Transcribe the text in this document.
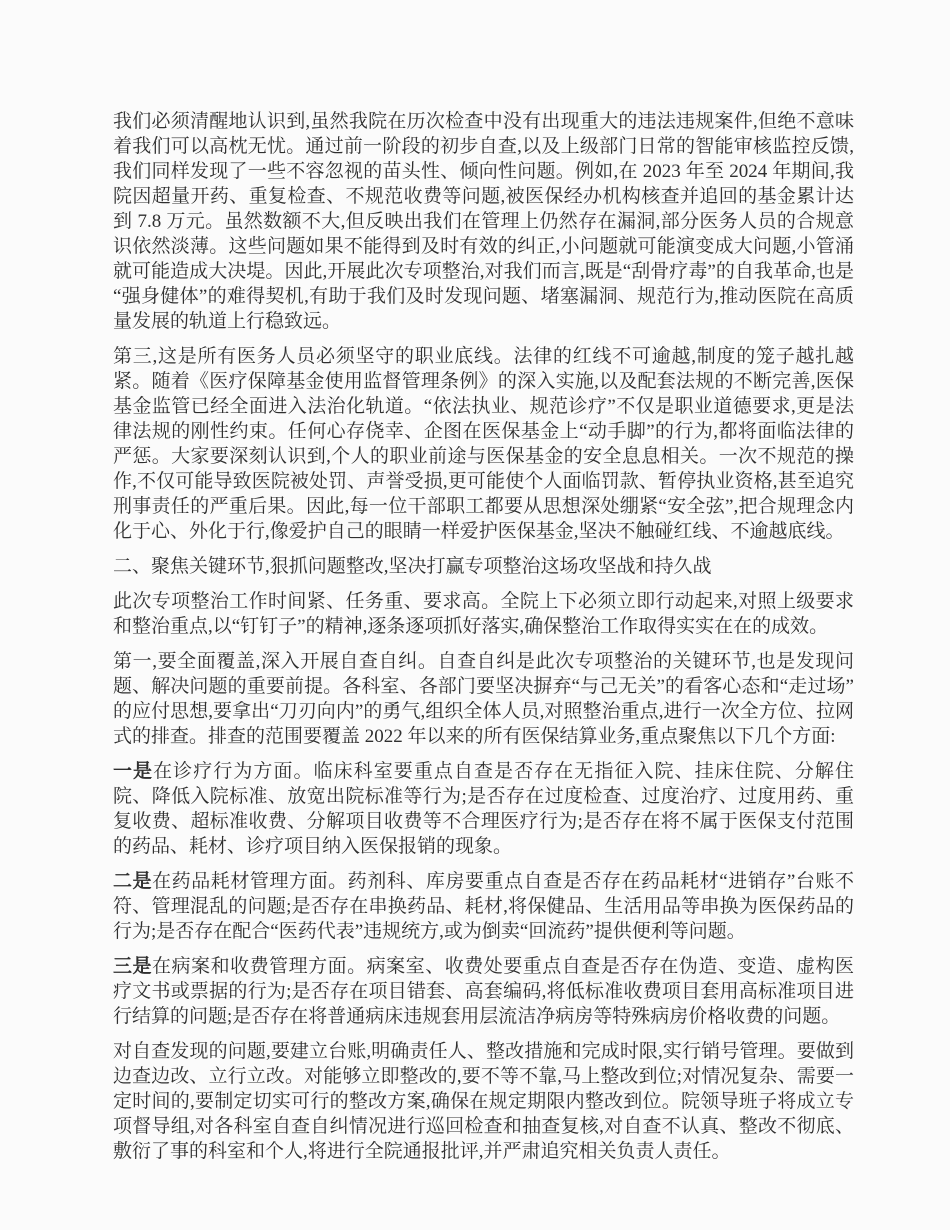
我们必须清醒地认识到,虽然我院在历次检查中没有出现重大的违法违规案件,但绝不意味着我们可以高枕无忧。通过前一阶段的初步自查,以及上级部门日常的智能审核监控反馈,我们同样发现了一些不容忽视的苗头性、倾向性问题。例如,在 2023 年至 2024 年期间,我院因超量开药、重复检查、不规范收费等问题,被医保经办机构核查并追回的基金累计达到 7.8 万元。虽然数额不大,但反映出我们在管理上仍然存在漏洞,部分医务人员的合规意识依然淡薄。这些问题如果不能得到及时有效的纠正,小问题就可能演变成大问题,小管涌就可能造成大决堤。因此,开展此次专项整治,对我们而言,既是“刮骨疗毒”的自我革命,也是“强身健体”的难得契机,有助于我们及时发现问题、堵塞漏洞、规范行为,推动医院在高质量发展的轨道上行稳致远。

第三,这是所有医务人员必须坚守的职业底线。法律的红线不可逾越,制度的笼子越扎越紧。随着《医疗保障基金使用监督管理条例》的深入实施,以及配套法规的不断完善,医保基金监管已经全面进入法治化轨道。“依法执业、规范诊疗”不仅是职业道德要求,更是法律法规的刚性约束。任何心存侥幸、企图在医保基金上“动手脚”的行为,都将面临法律的严惩。大家要深刻认识到,个人的职业前途与医保基金的安全息息相关。一次不规范的操作,不仅可能导致医院被处罚、声誉受损,更可能使个人面临罚款、暂停执业资格,甚至追究刑事责任的严重后果。因此,每一位干部职工都要从思想深处绷紧“安全弦”,把合规理念内化于心、外化于行,像爱护自己的眼睛一样爱护医保基金,坚决不触碰红线、不逾越底线。

二、聚焦关键环节,狠抓问题整改,坚决打赢专项整治这场攻坚战和持久战

此次专项整治工作时间紧、任务重、要求高。全院上下必须立即行动起来,对照上级要求和整治重点,以“钉钉子”的精神,逐条逐项抓好落实,确保整治工作取得实实在在的成效。

第一,要全面覆盖,深入开展自查自纠。自查自纠是此次专项整治的关键环节,也是发现问题、解决问题的重要前提。各科室、各部门要坚决摒弃“与己无关”的看客心态和“走过场”的应付思想,要拿出“刀刃向内”的勇气,组织全体人员,对照整治重点,进行一次全方位、拉网式的排查。排查的范围要覆盖 2022 年以来的所有医保结算业务,重点聚焦以下几个方面:

一是在诊疗行为方面。临床科室要重点自查是否存在无指征入院、挂床住院、分解住院、降低入院标准、放宽出院标准等行为;是否存在过度检查、过度治疗、过度用药、重复收费、超标准收费、分解项目收费等不合理医疗行为;是否存在将不属于医保支付范围的药品、耗材、诊疗项目纳入医保报销的现象。

二是在药品耗材管理方面。药剂科、库房要重点自查是否存在药品耗材“进销存”台账不符、管理混乱的问题;是否存在串换药品、耗材,将保健品、生活用品等串换为医保药品的行为;是否存在配合“医药代表”违规统方,或为倒卖“回流药”提供便利等问题。

三是在病案和收费管理方面。病案室、收费处要重点自查是否存在伪造、变造、虚构医疗文书或票据的行为;是否存在项目错套、高套编码,将低标准收费项目套用高标准项目进行结算的问题;是否存在将普通病床违规套用层流洁净病房等特殊病房价格收费的问题。

对自查发现的问题,要建立台账,明确责任人、整改措施和完成时限,实行销号管理。要做到边查边改、立行立改。对能够立即整改的,要不等不靠,马上整改到位;对情况复杂、需要一定时间的,要制定切实可行的整改方案,确保在规定期限内整改到位。院领导班子将成立专项督导组,对各科室自查自纠情况进行巡回检查和抽查复核,对自查不认真、整改不彻底、敷衍了事的科室和个人,将进行全院通报批评,并严肃追究相关负责人责任。
